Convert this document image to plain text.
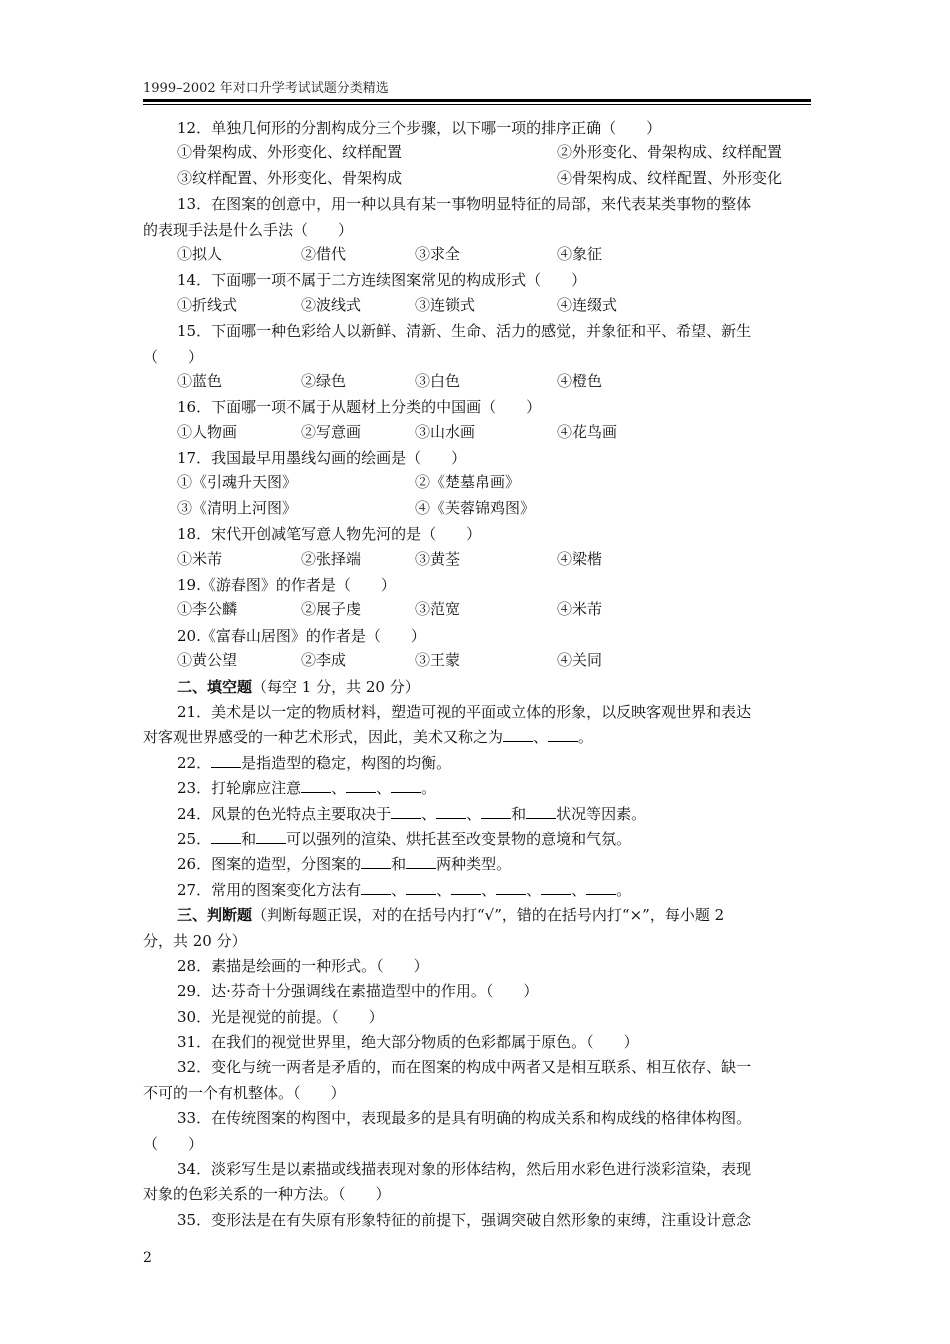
1999–2002 年对口升学考试试题分类精选
12．单独几何形的分割构成分三个步骤，以下哪一项的排序正确（　　）
①骨架构成、外形变化、纹样配置	②外形变化、骨架构成、纹样配置
③纹样配置、外形变化、骨架构成	④骨架构成、纹样配置、外形变化
13．在图案的创意中，用一种以具有某一事物明显特征的局部，来代表某类事物的整体
的表现手法是什么手法（　　）
①拟人	②借代	③求全	④象征
14．下面哪一项不属于二方连续图案常见的构成形式（　　）
①折线式	②波线式	③连锁式	④连缀式
15．下面哪一种色彩给人以新鲜、清新、生命、活力的感觉，并象征和平、希望、新生
（　　）
①蓝色	②绿色	③白色	④橙色
16．下面哪一项不属于从题材上分类的中国画（　　）
①人物画	②写意画	③山水画	④花鸟画
17．我国最早用墨线勾画的绘画是（　　）
①《引魂升天图》	②《楚墓帛画》
③《清明上河图》	④《芙蓉锦鸡图》
18．宋代开创减笔写意人物先河的是（　　）
①米芾	②张择端	③黄荃	④梁楷
19.《游春图》的作者是（　　）
①李公麟	②展子虔	③范宽	④米芾
20.《富春山居图》的作者是（　　）
①黄公望	②李成	③王蒙	④关同
二、填空题（每空 1 分，共 20 分）
21．美术是以一定的物质材料，塑造可视的平面或立体的形象，以反映客观世界和表达
对客观世界感受的一种艺术形式，因此，美术又称之为 、 。
22． 是指造型的稳定，构图的均衡。
23．打轮廓应注意 、 、 。
24．风景的色光特点主要取决于 、 、 和 状况等因素。
25． 和 可以强列的渲染、烘托甚至改变景物的意境和气氛。
26．图案的造型，分图案的 和 两种类型。
27．常用的图案变化方法有 、 、 、 、 、 。
三、判断题（判断每题正误，对的在括号内打“√”，错的在括号内打“×”，每小题 2
分，共 20 分）
28．素描是绘画的一种形式。（　　）
29．达·芬奇十分强调线在素描造型中的作用。（　　）
30．光是视觉的前提。（　　）
31．在我们的视觉世界里，绝大部分物质的色彩都属于原色。（　　）
32．变化与统一两者是矛盾的，而在图案的构成中两者又是相互联系、相互依存、缺一
不可的一个有机整体。（　　）
33．在传统图案的构图中，表现最多的是具有明确的构成关系和构成线的格律体构图。
（　　）
34．淡彩写生是以素描或线描表现对象的形体结构，然后用水彩色进行淡彩渲染，表现
对象的色彩关系的一种方法。（　　）
35．变形法是在有失原有形象特征的前提下，强调突破自然形象的束缚，注重设计意念
2
